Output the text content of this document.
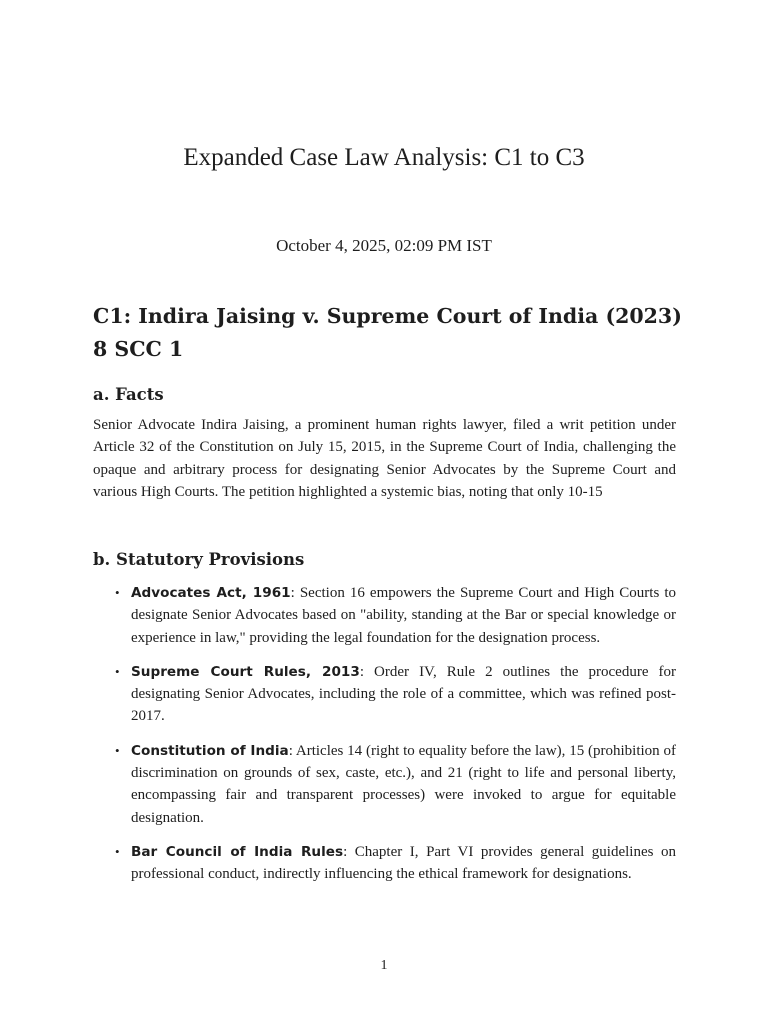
Expanded Case Law Analysis: C1 to C3

October 4, 2025, 02:09 PM IST

C1: Indira Jaising v. Supreme Court of India (2023) 8 SCC 1
a. Facts

Senior Advocate Indira Jaising, a prominent human rights lawyer, filed a writ petition under Article 32 of the Constitution on July 15, 2015, in the Supreme Court of India, challenging the opaque and arbitrary process for designating Senior Advocates by the Supreme Court and various High Courts. The petition highlighted a systemic bias, noting that only 10-15

b. Statutory Provisions
• Advocates Act, 1961: Section 16 empowers the Supreme Court and High Courts to designate Senior Advocates based on "ability, standing at the Bar or special knowledge or experience in law," providing the legal foundation for the designation process.
• Supreme Court Rules, 2013: Order IV, Rule 2 outlines the procedure for designating Senior Advocates, including the role of a committee, which was refined post-2017.
• Constitution of India: Articles 14 (right to equality before the law), 15 (prohibition of discrimination on grounds of sex, caste, etc.), and 21 (right to life and personal liberty, encompassing fair and transparent processes) were invoked to argue for equitable designation.
• Bar Council of India Rules: Chapter I, Part VI provides general guidelines on professional conduct, indirectly influencing the ethical framework for designations.
1
